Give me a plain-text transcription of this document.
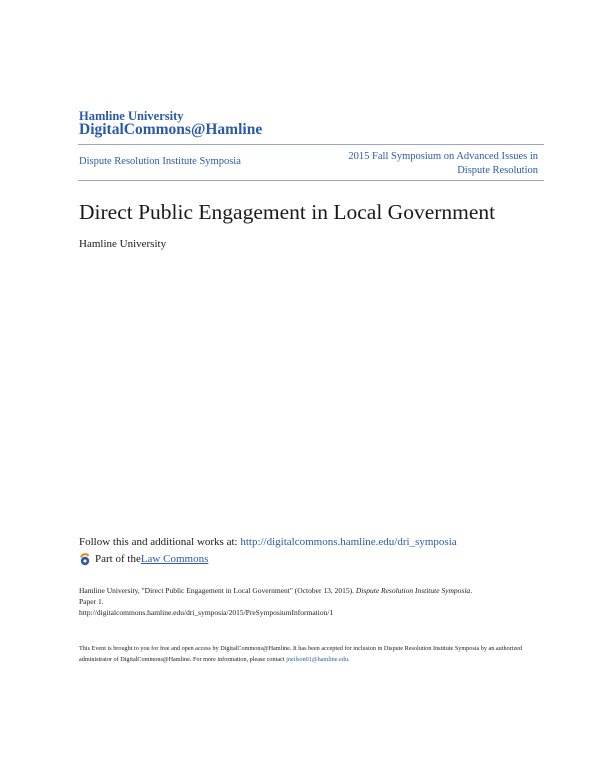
Hamline University
DigitalCommons@Hamline
Dispute Resolution Institute Symposia	2015 Fall Symposium on Advanced Issues in
Dispute Resolution
Direct Public Engagement in Local Government
Hamline University
Follow this and additional works at: http://digitalcommons.hamline.edu/dri_symposia
Part of the Law Commons
Hamline University, "Direct Public Engagement in Local Government" (October 13, 2015). Dispute Resolution Institute Symposia.
Paper 1.
http://digitalcommons.hamline.edu/dri_symposia/2015/PreSymposiumInformation/1
This Event is brought to you for free and open access by DigitalCommons@Hamline. It has been accepted for inclusion in Dispute Resolution Institute Symposia by an authorized administrator of DigitalCommons@Hamline. For more information, please contact jneilson01@hamline.edu.
